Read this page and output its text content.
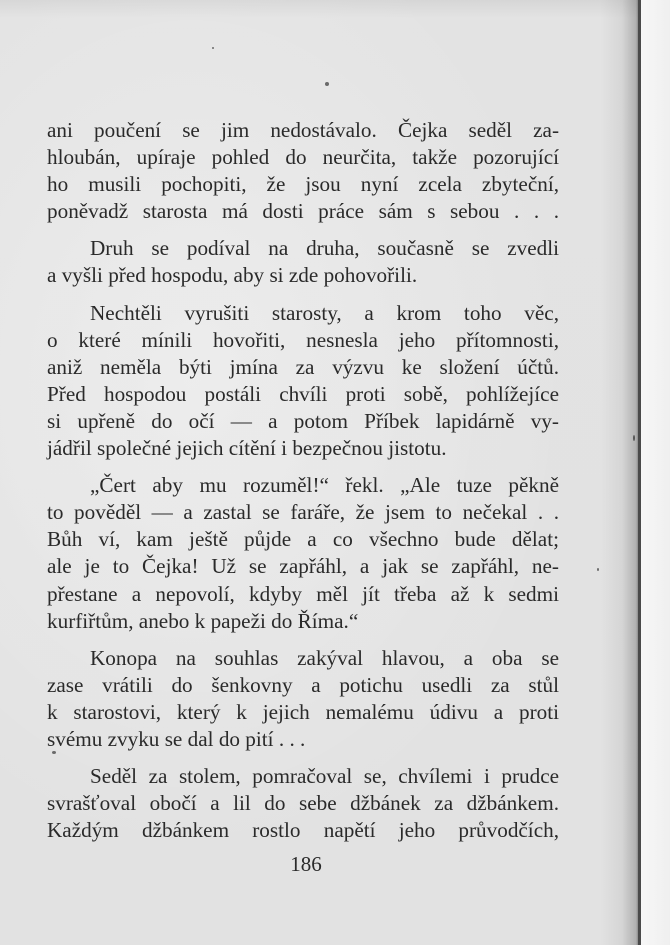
ani poučení se jim nedostávalo. Čejka seděl za-
hloubán, upíraje pohled do neurčita, takže pozorující
ho musili pochopiti, že jsou nyní zcela zbyteční,
poněvadž starosta má dosti práce sám s sebou . . .
Druh se podíval na druha, současně se zvedli
a vyšli před hospodu, aby si zde pohovořili.
Nechtěli vyrušiti starosty, a krom toho věc,
o které mínili hovořiti, nesnesla jeho přítomnosti,
aniž neměla býti jmína za výzvu ke složení účtů.
Před hospodou postáli chvíli proti sobě, pohlížejíce
si upřeně do očí — a potom Příbek lapidárně vy-
jádřil společné jejich cítění i bezpečnou jistotu.
„Čert aby mu rozuměl!“ řekl. „Ale tuze pěkně
to pověděl — a zastal se faráře, že jsem to nečekal . .
Bůh ví, kam ještě půjde a co všechno bude dělat;
ale je to Čejka! Už se zapřáhl, a jak se zapřáhl, ne-
přestane a nepovolí, kdyby měl jít třeba až k sedmi
kurfiřtům, anebo k papeži do Říma.“
Konopa na souhlas zakýval hlavou, a oba se
zase vrátili do šenkovny a potichu usedli za stůl
k starostovi, který k jejich nemalému údivu a proti
svému zvyku se dal do pití . . .
Seděl za stolem, pomračoval se, chvílemi i prudce
svrašťoval obočí a lil do sebe džbánek za džbánkem.
Každým džbánkem rostlo napětí jeho průvodčích,
186
